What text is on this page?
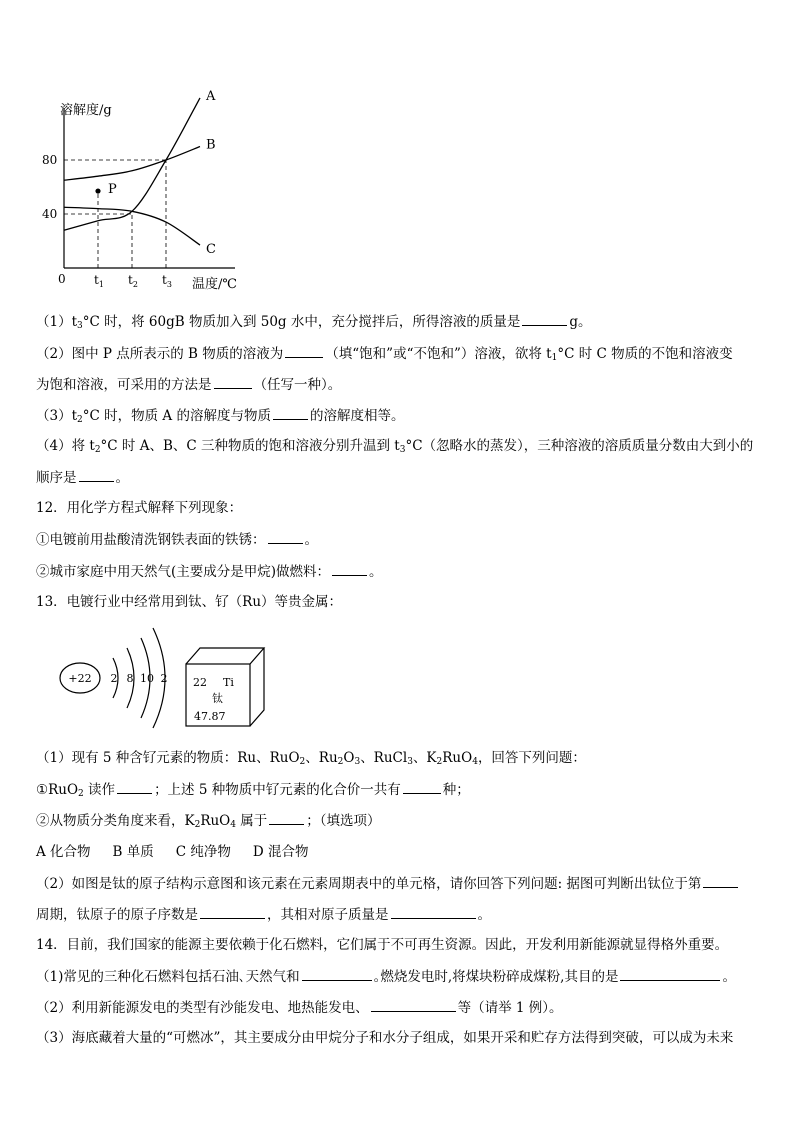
A
B
C
40
80
$t_1$ $t_2$ $t_3$
P
溶解度/g
温度/℃
0
$(1)t_3^\circ C$ 时，将 60gB 物质加入到 50g 水中，充分搅拌后，所得溶液的质量是	g。
（2）图中 P 点所表示的 B 物质的溶液为	（填“饱和”或“不饱和”）溶液，欲将 $t_1^\circ C$ 时 C 物质的不饱和溶液变
为饱和溶液，可采用的方法是	（任写一种）。
$(3)t_2^\circ C$ 时，物质 A 的溶解度与物质	的溶解度相等。
（4）将 $t_2^\circ C$ 时 A、B、C 三种物质的饱和溶液分别升温到 $t_3^\circ C$（忽略水的蒸发），三种溶液的溶质质量分数由大到小的
顺序是	。
12．用化学方程式解释下列现象：
①电镀前用盐酸清洗钢铁表面的铁锈：	。
②城市家庭中用天然气(主要成分是甲烷)做燃料：	。
13．电镀行业中经常用到钛、钌（Ru）等贵金属：
+22 2 8 10 2 22 Ti
钛
47.87
（1）现有 5 种含钌元素的物质：Ru、RuO$_2$、$Ru_2O_3$、RuCl$_3$、$K_2RuO_4$，回答下列问题：
①RuO$_2$ 读作	；上述 5 种物质中钌元素的化合价一共有	种；
②从物质分类角度来看，$K_2RuO_4$ 属于	；（填选项）
A 化合物 B 单质 C 纯净物 D 混合物
（2）如图是钛的原子结构示意图和该元素在元素周期表中的单元格，请你回答下列问题: 据图可判断出钛位于第
周期，钛原子的原子序数是	，其相对原子质量是	。
14．目前，我们国家的能源主要依赖于化石燃料，它们属于不可再生资源。因此，开发利用新能源就显得格外重要。
（1)常见的三种化石燃料包括石油､天然气和	｡燃烧发电时,将煤块粉碎成煤粉,其目的是	。
（2）利用新能源发电的类型有沙能发电、地热能发电、	等（请举 1 例）。
（3）海底藏着大量的“可燃冰”，其主要成分由甲烷分子和水分子组成，如果开采和贮存方法得到突破，可以成为未来
